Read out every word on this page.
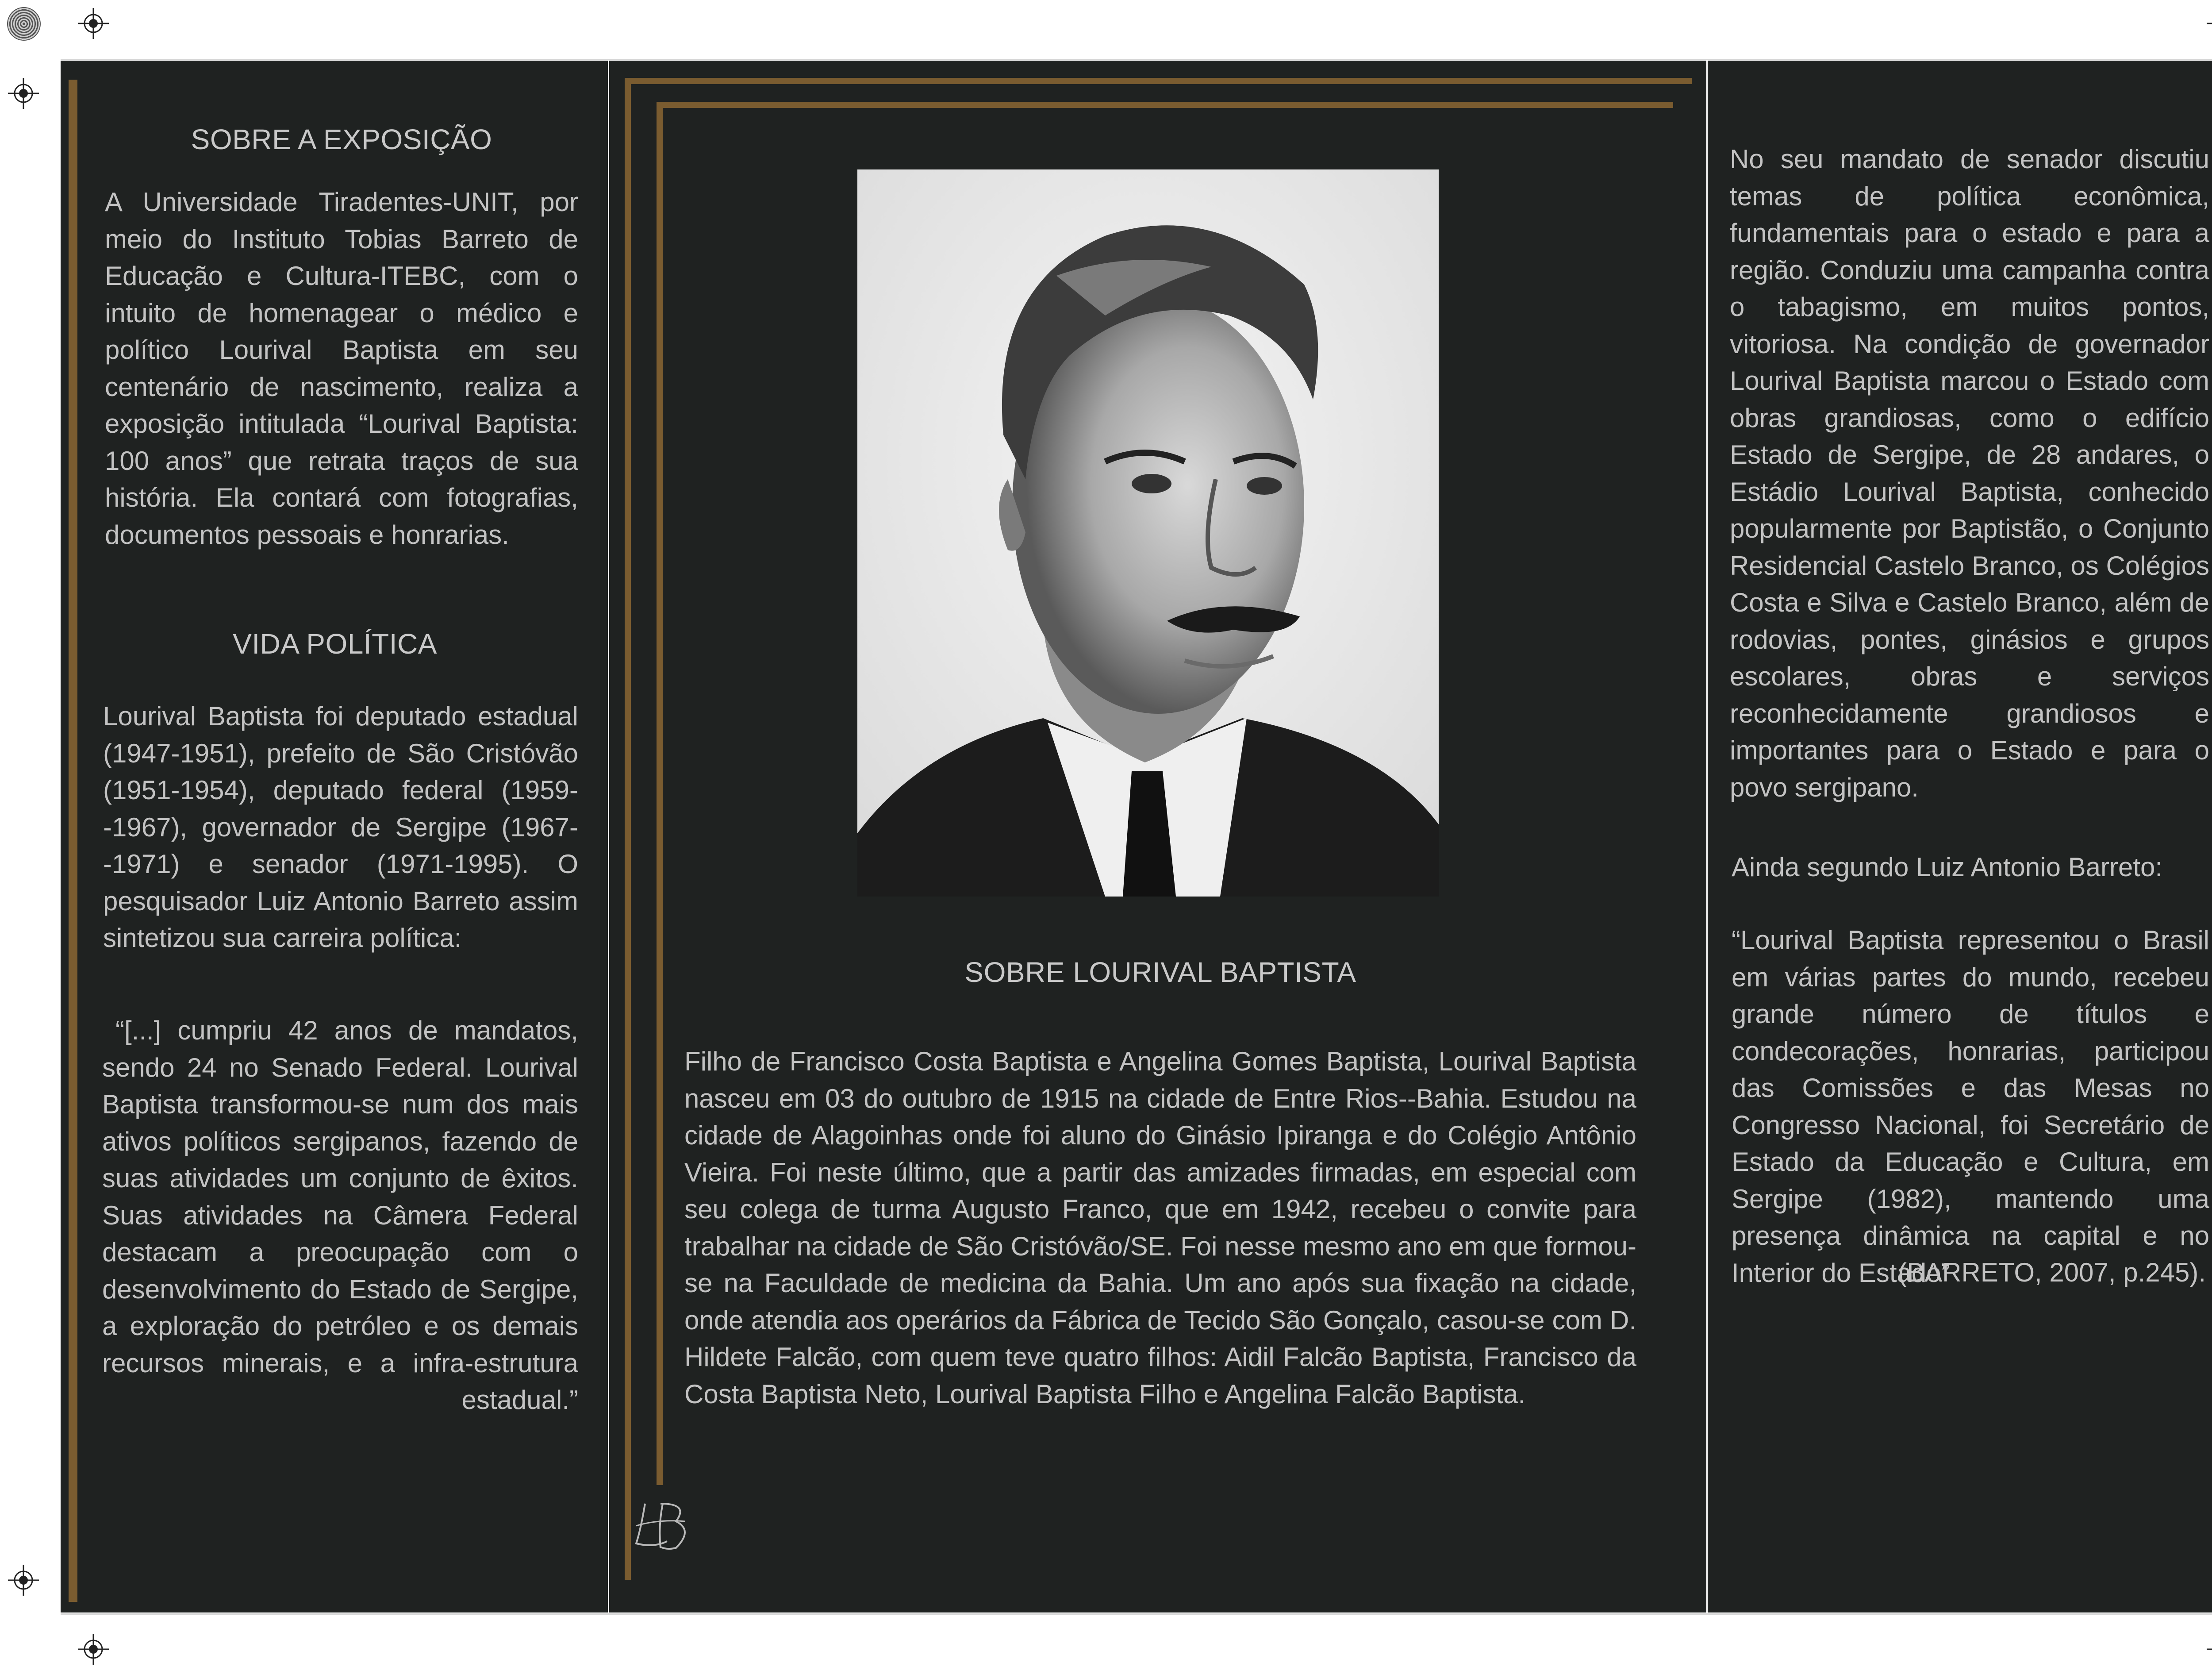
SOBRE A EXPOSIÇÃO
A Universidade Tiradentes-UNIT, por meio do Instituto Tobias Barreto de Educação e Cultura-ITEBC, com o intuito de homenagear o médico e político Lourival Baptista em seu centenário de nascimento, realiza a exposição intitulada “Lourival Baptista: 100 anos” que retrata traços de sua história. Ela contará com fotografias, documentos pessoais e honrarias.
VIDA POLÍTICA
Lourival Baptista foi deputado estadual (1947-1951), prefeito de São Cristóvão (1951-1954), deputado federal (1959--1967), governador de Sergipe (1967--1971) e senador (1971-1995). O pesquisador Luiz Antonio Barreto assim sintetizou sua carreira política:
“[...] cumpriu 42 anos de mandatos, sendo 24 no Senado Federal. Lourival Baptista transformou-se num dos mais ativos políticos sergipanos, fazendo de suas atividades um conjunto de êxitos. Suas atividades na Câmera Federal destacam a preocupação com o desenvolvimento do Estado de Sergipe, a exploração do petróleo e os demais recursos minerais, e a infra-estrutura estadual.”
SOBRE LOURIVAL BAPTISTA
Filho de Francisco Costa Baptista e Angelina Gomes Baptista, Lourival Baptista nasceu em 03 do outubro de 1915 na cidade de Entre Rios--Bahia. Estudou na cidade de Alagoinhas onde foi aluno do Ginásio Ipiranga e do Colégio Antônio Vieira. Foi neste último, que a partir das amizades firmadas, em especial com seu colega de turma Augusto Franco, que em 1942, recebeu o convite para trabalhar na cidade de São Cristóvão/SE. Foi nesse mesmo ano em que formou-se na Faculdade de medicina da Bahia. Um ano após sua fixação na cidade, onde atendia aos operários da Fábrica de Tecido São Gonçalo, casou-se com D. Hildete Falcão, com quem teve quatro filhos: Aidil Falcão Baptista, Francisco da Costa Baptista Neto, Lourival Baptista Filho e Angelina Falcão Baptista.
No seu mandato de senador discutiu temas de política econômica, fundamentais para o estado e para a região. Conduziu uma campanha contra o tabagismo, em muitos pontos, vitoriosa. Na condição de governador Lourival Baptista marcou o Estado com obras grandiosas, como o edifício Estado de Sergipe, de 28 andares, o Estádio Lourival Baptista, conhecido popularmente por Baptistão, o Conjunto Residencial Castelo Branco, os Colégios Costa e Silva e Castelo Branco, além de rodovias, pontes, ginásios e grupos escolares, obras e serviços reconhecidamente grandiosos e importantes para o Estado e para o povo sergipano.
Ainda segundo Luiz Antonio Barreto:
“Lourival Baptista representou o Brasil em várias partes do mundo, recebeu grande número de títulos e condecorações, honrarias, participou das Comissões e das Mesas no Congresso Nacional, foi Secretário de Estado da Educação e Cultura, em Sergipe (1982), mantendo uma presença dinâmica na capital e no Interior do Estado”
(BARRETO, 2007, p.245).
